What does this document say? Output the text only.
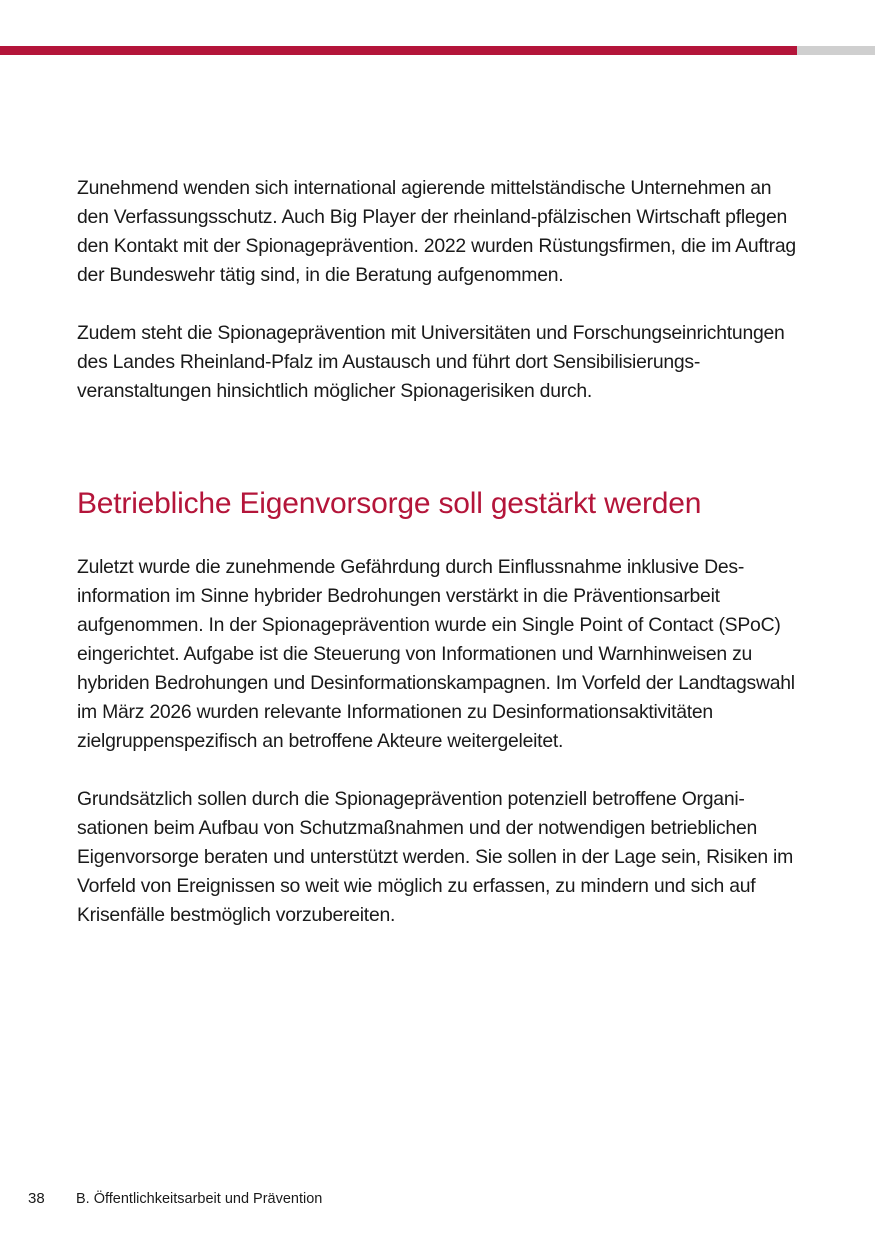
Zunehmend wenden sich international agierende mittelständische Unternehmen an den Verfassungsschutz. Auch Big Player der rheinland-pfälzischen Wirtschaft pflegen den Kontakt mit der Spionageprävention. 2022 wurden Rüstungsfirmen, die im Auftrag der Bundeswehr tätig sind, in die Beratung aufgenommen.

Zudem steht die Spionageprävention mit Universitäten und Forschungseinrichtungen des Landes Rheinland-Pfalz im Austausch und führt dort Sensibilisierungsveranstaltungen hinsichtlich möglicher Spionagerisiken durch.

Betriebliche Eigenvorsorge soll gestärkt werden

Zuletzt wurde die zunehmende Gefährdung durch Einflussnahme inklusive Desinformation im Sinne hybrider Bedrohungen verstärkt in die Präventionsarbeit aufgenommen. In der Spionageprävention wurde ein Single Point of Contact (SPoC) eingerichtet. Aufgabe ist die Steuerung von Informationen und Warnhinweisen zu hybriden Bedrohungen und Desinformationskampagnen. Im Vorfeld der Landtagswahl im März 2026 wurden relevante Informationen zu Desinformationsaktivitäten zielgruppenspezifisch an betroffene Akteure weitergeleitet.

Grundsätzlich sollen durch die Spionageprävention potenziell betroffene Organisationen beim Aufbau von Schutzmaßnahmen und der notwendigen betrieblichen Eigenvorsorge beraten und unterstützt werden. Sie sollen in der Lage sein, Risiken im Vorfeld von Ereignissen so weit wie möglich zu erfassen, zu mindern und sich auf Krisenfälle bestmöglich vorzubereiten.

38	B. Öffentlichkeitsarbeit und Prävention
